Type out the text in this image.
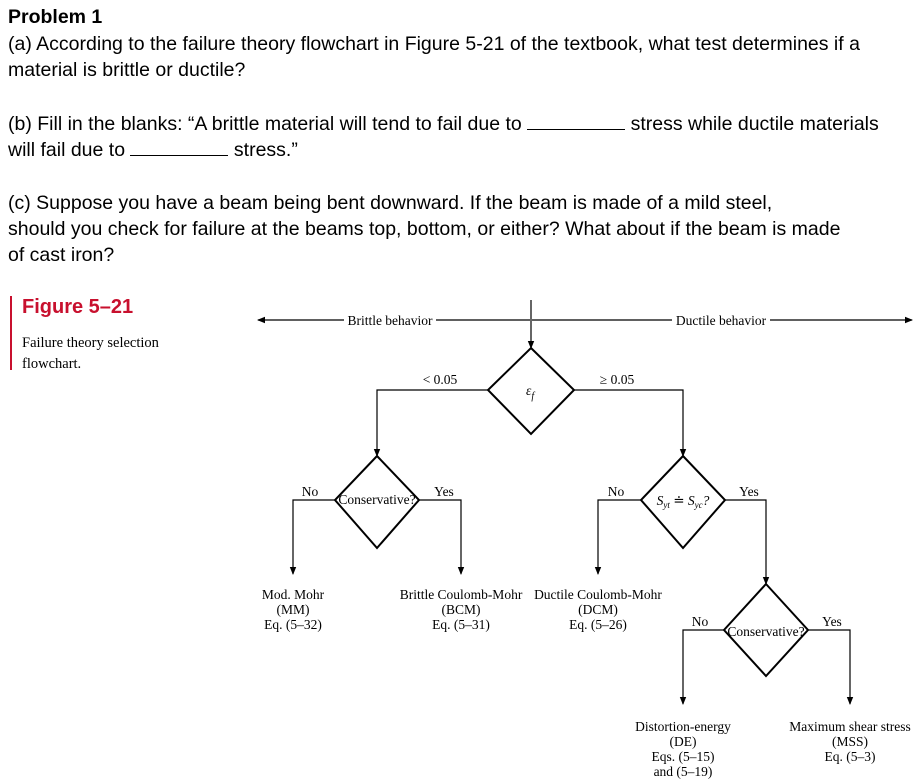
Problem 1
(a) According to the failure theory flowchart in Figure 5-21 of the textbook, what test determines if a
material is brittle or ductile?
(b) Fill in the blanks: “A brittle material will tend to fail due to	stress while ductile materials
will fail due to	stress.”
(c) Suppose you have a beam being bent downward. If the beam is made of a mild steel,
should you check for failure at the beams top, bottom, or either? What about if the beam is made
of cast iron?
Figure 5–21
Failure theory selection
flowchart.
Brittle behavior	Ductile behavior
< 0.05	≥ 0.05
$\varepsilon_f$
Conservative?
No	Yes
$S_{yt}$ ≐ $S_{yc}$?
No	Yes
Conservative?
No	Yes
Mod. Mohr
(MM)
Eq. (5–32)
Brittle Coulomb-Mohr
(BCM)
Eq. (5–31)
Ductile Coulomb-Mohr
(DCM)
Eq. (5–26)
Distortion-energy
(DE)
Eqs. (5–15)
and (5–19)
Maximum shear stress
(MSS)
Eq. (5–3)
